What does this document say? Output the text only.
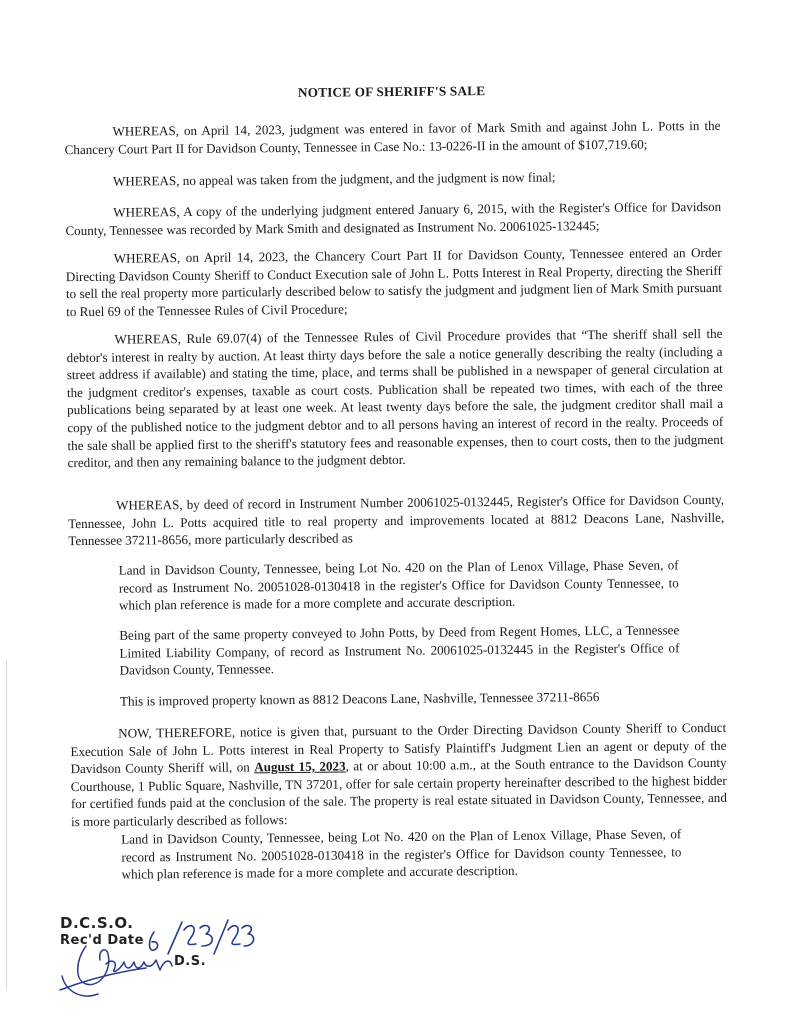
NOTICE OF SHERIFF'S SALE

WHEREAS, on April 14, 2023, judgment was entered in favor of Mark Smith and against John L. Potts in the Chancery Court Part II for Davidson County, Tennessee in Case No.: 13-0226-II in the amount of $107,719.60;

WHEREAS, no appeal was taken from the judgment, and the judgment is now final;

WHEREAS, A copy of the underlying judgment entered January 6, 2015, with the Register's Office for Davidson County, Tennessee was recorded by Mark Smith and designated as Instrument No. 20061025-132445;

WHEREAS, on April 14, 2023, the Chancery Court Part II for Davidson County, Tennessee entered an Order Directing Davidson County Sheriff to Conduct Execution sale of John L. Potts Interest in Real Property, directing the Sheriff to sell the real property more particularly described below to satisfy the judgment and judgment lien of Mark Smith pursuant to Ruel 69 of the Tennessee Rules of Civil Procedure;

WHEREAS, Rule 69.07(4) of the Tennessee Rules of Civil Procedure provides that “The sheriff shall sell the debtor's interest in realty by auction. At least thirty days before the sale a notice generally describing the realty (including a street address if available) and stating the time, place, and terms shall be published in a newspaper of general circulation at the judgment creditor's expenses, taxable as court costs. Publication shall be repeated two times, with each of the three publications being separated by at least one week. At least twenty days before the sale, the judgment creditor shall mail a copy of the published notice to the judgment debtor and to all persons having an interest of record in the realty. Proceeds of the sale shall be applied first to the sheriff's statutory fees and reasonable expenses, then to court costs, then to the judgment creditor, and then any remaining balance to the judgment debtor.

WHEREAS, by deed of record in Instrument Number 20061025-0132445, Register's Office for Davidson County, Tennessee, John L. Potts acquired title to real property and improvements located at 8812 Deacons Lane, Nashville, Tennessee 37211-8656, more particularly described as

Land in Davidson County, Tennessee, being Lot No. 420 on the Plan of Lenox Village, Phase Seven, of record as Instrument No. 20051028-0130418 in the register's Office for Davidson County Tennessee, to which plan reference is made for a more complete and accurate description.

Being part of the same property conveyed to John Potts, by Deed from Regent Homes, LLC, a Tennessee Limited Liability Company, of record as Instrument No. 20061025-0132445 in the Register's Office of Davidson County, Tennessee.

This is improved property known as 8812 Deacons Lane, Nashville, Tennessee 37211-8656

NOW, THEREFORE, notice is given that, pursuant to the Order Directing Davidson County Sheriff to Conduct Execution Sale of John L. Potts interest in Real Property to Satisfy Plaintiff's Judgment Lien an agent or deputy of the Davidson County Sheriff will, on August 15, 2023, at or about 10:00 a.m., at the South entrance to the Davidson County Courthouse, 1 Public Square, Nashville, TN 37201, offer for sale certain property hereinafter described to the highest bidder for certified funds paid at the conclusion of the sale. The property is real estate situated in Davidson County, Tennessee, and is more particularly described as follows:

Land in Davidson County, Tennessee, being Lot No. 420 on the Plan of Lenox Village, Phase Seven, of record as Instrument No. 20051028-0130418 in the register's Office for Davidson county Tennessee, to which plan reference is made for a more complete and accurate description.

D.C.S.O.
Rec'd Date
D.S.
